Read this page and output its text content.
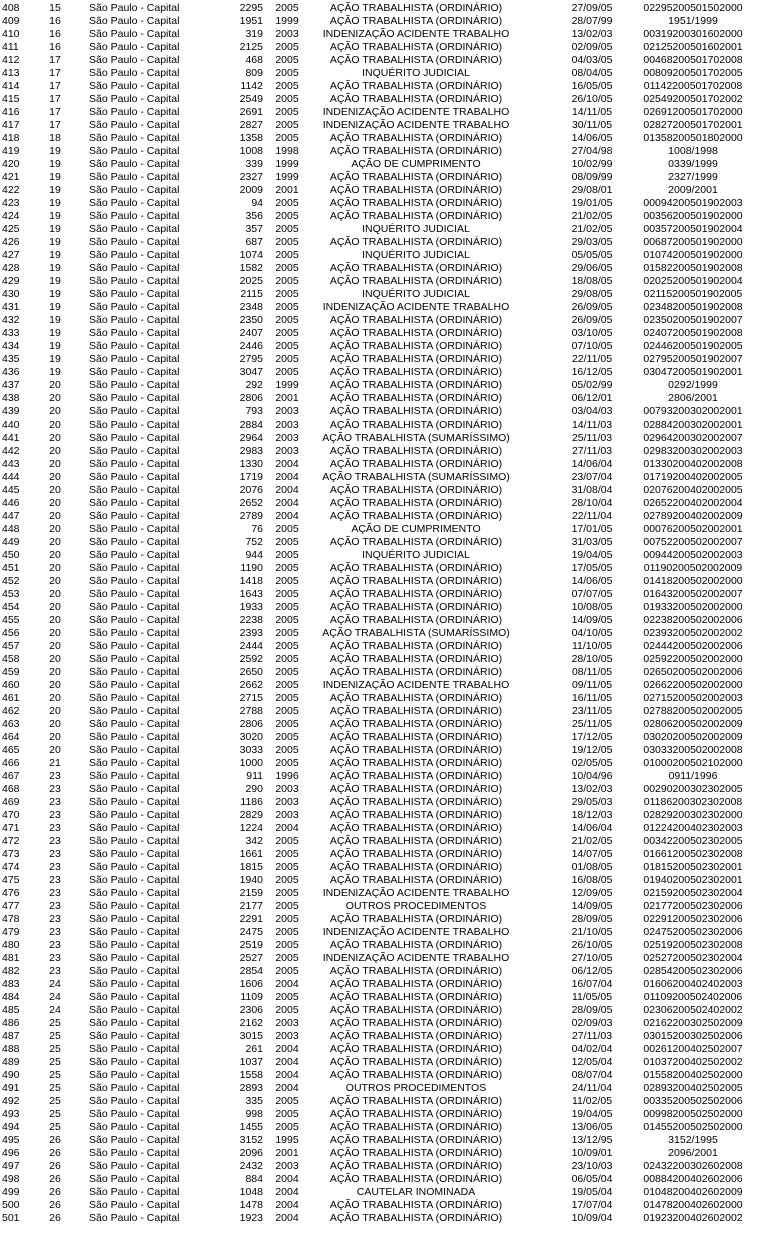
408	15	São Paulo - Capital	2295	2005	AÇÃO TRABALHISTA (ORDINÁRIO)	27/09/05	02295200501502000
409	16	São Paulo - Capital	1951	1999	AÇÃO TRABALHISTA (ORDINÁRIO)	28/07/99	1951/1999
410	16	São Paulo - Capital	319	2003	INDENIZAÇÃO ACIDENTE TRABALHO	13/02/03	00319200301602000
411	16	São Paulo - Capital	2125	2005	AÇÃO TRABALHISTA (ORDINÁRIO)	02/09/05	02125200501602001
412	17	São Paulo - Capital	468	2005	AÇÃO TRABALHISTA (ORDINÁRIO)	04/03/05	00468200501702008
413	17	São Paulo - Capital	809	2005	INQUÉRITO JUDICIAL	08/04/05	00809200501702005
414	17	São Paulo - Capital	1142	2005	AÇÃO TRABALHISTA (ORDINÁRIO)	16/05/05	01142200501702008
415	17	São Paulo - Capital	2549	2005	AÇÃO TRABALHISTA (ORDINÁRIO)	26/10/05	02549200501702002
416	17	São Paulo - Capital	2691	2005	INDENIZAÇÃO ACIDENTE TRABALHO	14/11/05	02691200501702000
417	17	São Paulo - Capital	2827	2005	INDENIZAÇÃO ACIDENTE TRABALHO	30/11/05	02827200501702001
418	18	São Paulo - Capital	1358	2005	AÇÃO TRABALHISTA (ORDINÁRIO)	14/06/05	01358200501802000
419	19	São Paulo - Capital	1008	1998	AÇÃO TRABALHISTA (ORDINÁRIO)	27/04/98	1008/1998
420	19	São Paulo - Capital	339	1999	AÇÃO DE CUMPRIMENTO	10/02/99	0339/1999
421	19	São Paulo - Capital	2327	1999	AÇÃO TRABALHISTA (ORDINÁRIO)	08/09/99	2327/1999
422	19	São Paulo - Capital	2009	2001	AÇÃO TRABALHISTA (ORDINÁRIO)	29/08/01	2009/2001
423	19	São Paulo - Capital	94	2005	AÇÃO TRABALHISTA (ORDINÁRIO)	19/01/05	00094200501902003
424	19	São Paulo - Capital	356	2005	AÇÃO TRABALHISTA (ORDINÁRIO)	21/02/05	00356200501902000
425	19	São Paulo - Capital	357	2005	INQUÉRITO JUDICIAL	21/02/05	00357200501902004
426	19	São Paulo - Capital	687	2005	AÇÃO TRABALHISTA (ORDINÁRIO)	29/03/05	00687200501902000
427	19	São Paulo - Capital	1074	2005	INQUÉRITO JUDICIAL	05/05/05	01074200501902000
428	19	São Paulo - Capital	1582	2005	AÇÃO TRABALHISTA (ORDINÁRIO)	29/06/05	01582200501902008
429	19	São Paulo - Capital	2025	2005	AÇÃO TRABALHISTA (ORDINÁRIO)	18/08/05	02025200501902004
430	19	São Paulo - Capital	2115	2005	INQUÉRITO JUDICIAL	29/08/05	02115200501902005
431	19	São Paulo - Capital	2348	2005	INDENIZAÇÃO ACIDENTE TRABALHO	26/09/05	02348200501902008
432	19	São Paulo - Capital	2350	2005	AÇÃO TRABALHISTA (ORDINÁRIO)	26/09/05	02350200501902007
433	19	São Paulo - Capital	2407	2005	AÇÃO TRABALHISTA (ORDINÁRIO)	03/10/05	02407200501902008
434	19	São Paulo - Capital	2446	2005	AÇÃO TRABALHISTA (ORDINÁRIO)	07/10/05	02446200501902005
435	19	São Paulo - Capital	2795	2005	AÇÃO TRABALHISTA (ORDINÁRIO)	22/11/05	02795200501902007
436	19	São Paulo - Capital	3047	2005	AÇÃO TRABALHISTA (ORDINÁRIO)	16/12/05	03047200501902001
437	20	São Paulo - Capital	292	1999	AÇÃO TRABALHISTA (ORDINÁRIO)	05/02/99	0292/1999
438	20	São Paulo - Capital	2806	2001	AÇÃO TRABALHISTA (ORDINÁRIO)	06/12/01	2806/2001
439	20	São Paulo - Capital	793	2003	AÇÃO TRABALHISTA (ORDINÁRIO)	03/04/03	00793200302002001
440	20	São Paulo - Capital	2884	2003	AÇÃO TRABALHISTA (ORDINÁRIO)	14/11/03	02884200302002001
441	20	São Paulo - Capital	2964	2003	AÇÃO TRABALHISTA (SUMARÍSSIMO)	25/11/03	02964200302002007
442	20	São Paulo - Capital	2983	2003	AÇÃO TRABALHISTA (ORDINÁRIO)	27/11/03	02983200302002003
443	20	São Paulo - Capital	1330	2004	AÇÃO TRABALHISTA (ORDINÁRIO)	14/06/04	01330200402002008
444	20	São Paulo - Capital	1719	2004	AÇÃO TRABALHISTA (SUMARÍSSIMO)	23/07/04	01719200402002005
445	20	São Paulo - Capital	2076	2004	AÇÃO TRABALHISTA (ORDINÁRIO)	31/08/04	02076200402002005
446	20	São Paulo - Capital	2652	2004	AÇÃO TRABALHISTA (ORDINÁRIO)	28/10/04	02652200402002004
447	20	São Paulo - Capital	2789	2004	AÇÃO TRABALHISTA (ORDINÁRIO)	22/11/04	02789200402002009
448	20	São Paulo - Capital	76	2005	AÇÃO DE CUMPRIMENTO	17/01/05	00076200502002001
449	20	São Paulo - Capital	752	2005	AÇÃO TRABALHISTA (ORDINÁRIO)	31/03/05	00752200502002007
450	20	São Paulo - Capital	944	2005	INQUÉRITO JUDICIAL	19/04/05	00944200502002003
451	20	São Paulo - Capital	1190	2005	AÇÃO TRABALHISTA (ORDINÁRIO)	17/05/05	01190200502002009
452	20	São Paulo - Capital	1418	2005	AÇÃO TRABALHISTA (ORDINÁRIO)	14/06/05	01418200502002000
453	20	São Paulo - Capital	1643	2005	AÇÃO TRABALHISTA (ORDINÁRIO)	07/07/05	01643200502002007
454	20	São Paulo - Capital	1933	2005	AÇÃO TRABALHISTA (ORDINÁRIO)	10/08/05	01933200502002000
455	20	São Paulo - Capital	2238	2005	AÇÃO TRABALHISTA (ORDINÁRIO)	14/09/05	02238200502002006
456	20	São Paulo - Capital	2393	2005	AÇÃO TRABALHISTA (SUMARÍSSIMO)	04/10/05	02393200502002002
457	20	São Paulo - Capital	2444	2005	AÇÃO TRABALHISTA (ORDINÁRIO)	11/10/05	02444200502002006
458	20	São Paulo - Capital	2592	2005	AÇÃO TRABALHISTA (ORDINÁRIO)	28/10/05	02592200502002000
459	20	São Paulo - Capital	2650	2005	AÇÃO TRABALHISTA (ORDINÁRIO)	08/11/05	02650200502002006
460	20	São Paulo - Capital	2662	2005	INDENIZAÇÃO ACIDENTE TRABALHO	09/11/05	02662200502002000
461	20	São Paulo - Capital	2715	2005	AÇÃO TRABALHISTA (ORDINÁRIO)	16/11/05	02715200502002003
462	20	São Paulo - Capital	2788	2005	AÇÃO TRABALHISTA (ORDINÁRIO)	23/11/05	02788200502002005
463	20	São Paulo - Capital	2806	2005	AÇÃO TRABALHISTA (ORDINÁRIO)	25/11/05	02806200502002009
464	20	São Paulo - Capital	3020	2005	AÇÃO TRABALHISTA (ORDINÁRIO)	17/12/05	03020200502002009
465	20	São Paulo - Capital	3033	2005	AÇÃO TRABALHISTA (ORDINÁRIO)	19/12/05	03033200502002008
466	21	São Paulo - Capital	1000	2005	AÇÃO TRABALHISTA (ORDINÁRIO)	02/05/05	01000200502102000
467	23	São Paulo - Capital	911	1996	AÇÃO TRABALHISTA (ORDINÁRIO)	10/04/96	0911/1996
468	23	São Paulo - Capital	290	2003	AÇÃO TRABALHISTA (ORDINÁRIO)	13/02/03	00290200302302005
469	23	São Paulo - Capital	1186	2003	AÇÃO TRABALHISTA (ORDINÁRIO)	29/05/03	01186200302302008
470	23	São Paulo - Capital	2829	2003	AÇÃO TRABALHISTA (ORDINÁRIO)	18/12/03	02829200302302000
471	23	São Paulo - Capital	1224	2004	AÇÃO TRABALHISTA (ORDINÁRIO)	14/06/04	01224200402302003
472	23	São Paulo - Capital	342	2005	AÇÃO TRABALHISTA (ORDINÁRIO)	21/02/05	00342200502302005
473	23	São Paulo - Capital	1661	2005	AÇÃO TRABALHISTA (ORDINÁRIO)	14/07/05	01661200502302008
474	23	São Paulo - Capital	1815	2005	AÇÃO TRABALHISTA (ORDINÁRIO)	01/08/05	01815200502302001
475	23	São Paulo - Capital	1940	2005	AÇÃO TRABALHISTA (ORDINÁRIO)	16/08/05	01940200502302001
476	23	São Paulo - Capital	2159	2005	INDENIZAÇÃO ACIDENTE TRABALHO	12/09/05	02159200502302004
477	23	São Paulo - Capital	2177	2005	OUTROS PROCEDIMENTOS	14/09/05	02177200502302006
478	23	São Paulo - Capital	2291	2005	AÇÃO TRABALHISTA (ORDINÁRIO)	28/09/05	02291200502302006
479	23	São Paulo - Capital	2475	2005	INDENIZAÇÃO ACIDENTE TRABALHO	21/10/05	02475200502302006
480	23	São Paulo - Capital	2519	2005	AÇÃO TRABALHISTA (ORDINÁRIO)	26/10/05	02519200502302008
481	23	São Paulo - Capital	2527	2005	INDENIZAÇÃO ACIDENTE TRABALHO	27/10/05	02527200502302004
482	23	São Paulo - Capital	2854	2005	AÇÃO TRABALHISTA (ORDINÁRIO)	06/12/05	02854200502302006
483	24	São Paulo - Capital	1606	2004	AÇÃO TRABALHISTA (ORDINÁRIO)	16/07/04	01606200402402003
484	24	São Paulo - Capital	1109	2005	AÇÃO TRABALHISTA (ORDINÁRIO)	11/05/05	01109200502402006
485	24	São Paulo - Capital	2306	2005	AÇÃO TRABALHISTA (ORDINÁRIO)	28/09/05	02306200502402002
486	25	São Paulo - Capital	2162	2003	AÇÃO TRABALHISTA (ORDINÁRIO)	02/09/03	02162200302502009
487	25	São Paulo - Capital	3015	2003	AÇÃO TRABALHISTA (ORDINÁRIO)	27/11/03	03015200302502006
488	25	São Paulo - Capital	261	2004	AÇÃO TRABALHISTA (ORDINÁRIO)	04/02/04	00261200402502007
489	25	São Paulo - Capital	1037	2004	AÇÃO TRABALHISTA (ORDINÁRIO)	12/05/04	01037200402502002
490	25	São Paulo - Capital	1558	2004	AÇÃO TRABALHISTA (ORDINÁRIO)	08/07/04	01558200402502000
491	25	São Paulo - Capital	2893	2004	OUTROS PROCEDIMENTOS	24/11/04	02893200402502005
492	25	São Paulo - Capital	335	2005	AÇÃO TRABALHISTA (ORDINÁRIO)	11/02/05	00335200502502006
493	25	São Paulo - Capital	998	2005	AÇÃO TRABALHISTA (ORDINÁRIO)	19/04/05	00998200502502000
494	25	São Paulo - Capital	1455	2005	AÇÃO TRABALHISTA (ORDINÁRIO)	13/06/05	01455200502502000
495	26	São Paulo - Capital	3152	1995	AÇÃO TRABALHISTA (ORDINÁRIO)	13/12/95	3152/1995
496	26	São Paulo - Capital	2096	2001	AÇÃO TRABALHISTA (ORDINÁRIO)	10/09/01	2096/2001
497	26	São Paulo - Capital	2432	2003	AÇÃO TRABALHISTA (ORDINÁRIO)	23/10/03	02432200302602008
498	26	São Paulo - Capital	884	2004	AÇÃO TRABALHISTA (ORDINÁRIO)	06/05/04	00884200402602006
499	26	São Paulo - Capital	1048	2004	CAUTELAR INOMINADA	19/05/04	01048200402602009
500	26	São Paulo - Capital	1478	2004	AÇÃO TRABALHISTA (ORDINÁRIO)	17/07/04	01478200402602000
501	26	São Paulo - Capital	1923	2004	AÇÃO TRABALHISTA (ORDINÁRIO)	10/09/04	01923200402602002
